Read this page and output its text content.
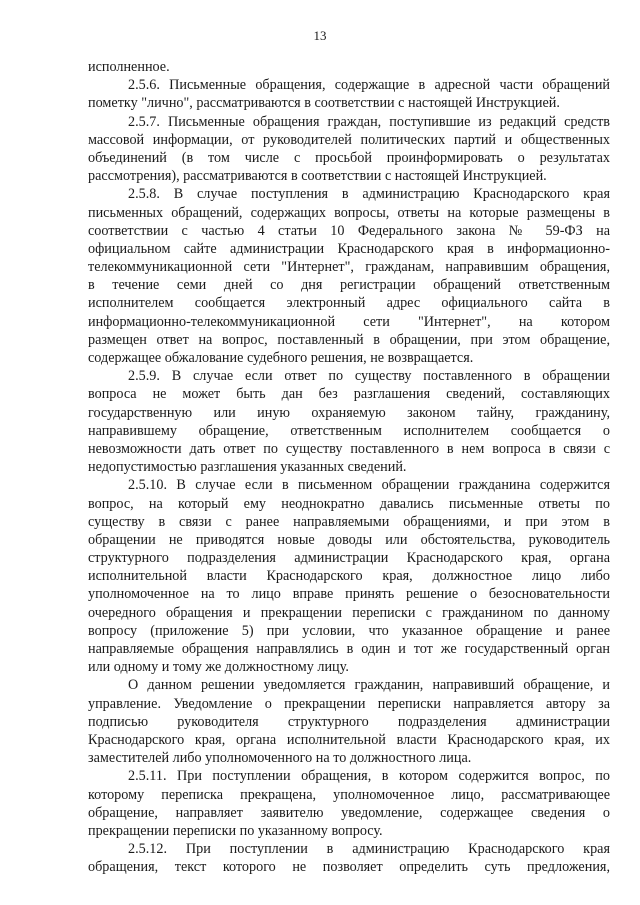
13
исполненное.
2.5.6. Письменные обращения, содержащие в адресной части обращений
пометку "лично", рассматриваются в соответствии с настоящей Инструкцией.
2.5.7. Письменные обращения граждан, поступившие из редакций средств
массовой информации, от руководителей политических партий и общественных
объединений (в том числе с просьбой проинформировать о результатах
рассмотрения), рассматриваются в соответствии с настоящей Инструкцией.
2.5.8. В случае поступления в администрацию Краснодарского края
письменных обращений, содержащих вопросы, ответы на которые размещены в
соответствии с частью 4 статьи 10 Федерального закона № 59-ФЗ на
официальном сайте администрации Краснодарского края в информационно-
телекоммуникационной сети "Интернет", гражданам, направившим обращения,
в течение семи дней со дня регистрации обращений ответственным
исполнителем сообщается электронный адрес официального сайта в
информационно-телекоммуникационной сети "Интернет", на котором
размещен ответ на вопрос, поставленный в обращении, при этом обращение,
содержащее обжалование судебного решения, не возвращается.
2.5.9. В случае если ответ по существу поставленного в обращении
вопроса не может быть дан без разглашения сведений, составляющих
государственную или иную охраняемую законом тайну, гражданину,
направившему обращение, ответственным исполнителем сообщается о
невозможности дать ответ по существу поставленного в нем вопроса в связи с
недопустимостью разглашения указанных сведений.
2.5.10. В случае если в письменном обращении гражданина содержится
вопрос, на который ему неоднократно давались письменные ответы по
существу в связи с ранее направляемыми обращениями, и при этом в
обращении не приводятся новые доводы или обстоятельства, руководитель
структурного подразделения администрации Краснодарского края, органа
исполнительной власти Краснодарского края, должностное лицо либо
уполномоченное на то лицо вправе принять решение о безосновательности
очередного обращения и прекращении переписки с гражданином по данному
вопросу (приложение 5) при условии, что указанное обращение и ранее
направляемые обращения направлялись в один и тот же государственный орган
или одному и тому же должностному лицу.
О данном решении уведомляется гражданин, направивший обращение, и
управление. Уведомление о прекращении переписки направляется автору за
подписью руководителя структурного подразделения администрации
Краснодарского края, органа исполнительной власти Краснодарского края, их
заместителей либо уполномоченного на то должностного лица.
2.5.11. При поступлении обращения, в котором содержится вопрос, по
которому переписка прекращена, уполномоченное лицо, рассматривающее
обращение, направляет заявителю уведомление, содержащее сведения о
прекращении переписки по указанному вопросу.
2.5.12. При поступлении в администрацию Краснодарского края
обращения, текст которого не позволяет определить суть предложения,
